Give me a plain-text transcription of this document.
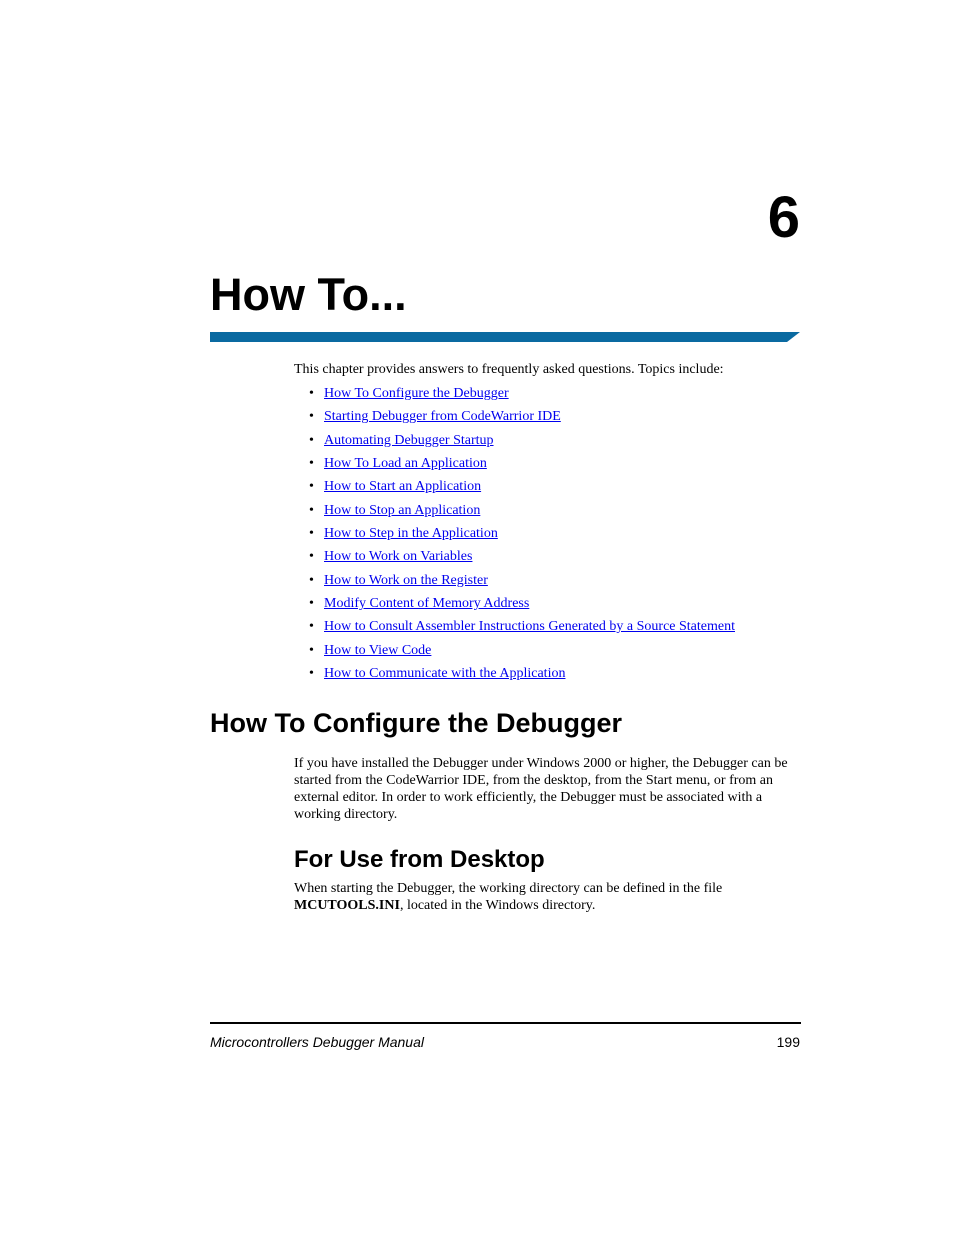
6
How To...

This chapter provides answers to frequently asked questions. Topics include:

• How To Configure the Debugger
• Starting Debugger from CodeWarrior IDE
• Automating Debugger Startup
• How To Load an Application
• How to Start an Application
• How to Stop an Application
• How to Step in the Application
• How to Work on Variables
• How to Work on the Register
• Modify Content of Memory Address
• How to Consult Assembler Instructions Generated by a Source Statement
• How to View Code
• How to Communicate with the Application
How To Configure the Debugger

If you have installed the Debugger under Windows 2000 or higher, the Debugger can be started from the CodeWarrior IDE, from the desktop, from the Start menu, or from an external editor. In order to work efficiently, the Debugger must be associated with a working directory.

For Use from Desktop

When starting the Debugger, the working directory can be defined in the file MCUTOOLS.INI, located in the Windows directory.

Microcontrollers Debugger Manual	199
